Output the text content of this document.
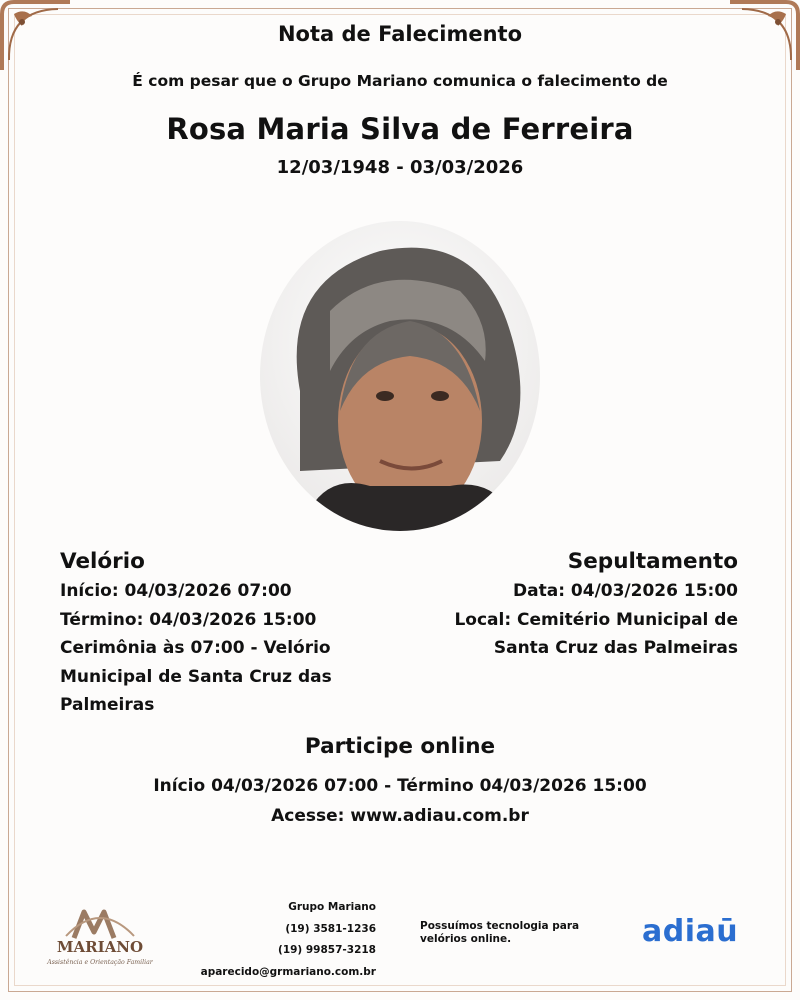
Nota de Falecimento
É com pesar que o Grupo Mariano comunica o falecimento de
Rosa Maria Silva de Ferreira
12/03/1948 - 03/03/2026
Velório
Início: 04/03/2026 07:00
Término: 04/03/2026 15:00
Cerimônia às 07:00 - Velório
Municipal de Santa Cruz das
Palmeiras
Sepultamento
Data: 04/03/2026 15:00
Local: Cemitério Municipal de
Santa Cruz das Palmeiras
Participe online
Início 04/03/2026 07:00 - Término 04/03/2026 15:00
Acesse: www.adiau.com.br
MARIANO
Assistência e Orientação Familiar
Grupo Mariano
(19) 3581-1236
(19) 99857-3218
aparecido@grmariano.com.br
Possuímos tecnologia para velórios online.	adiaū
